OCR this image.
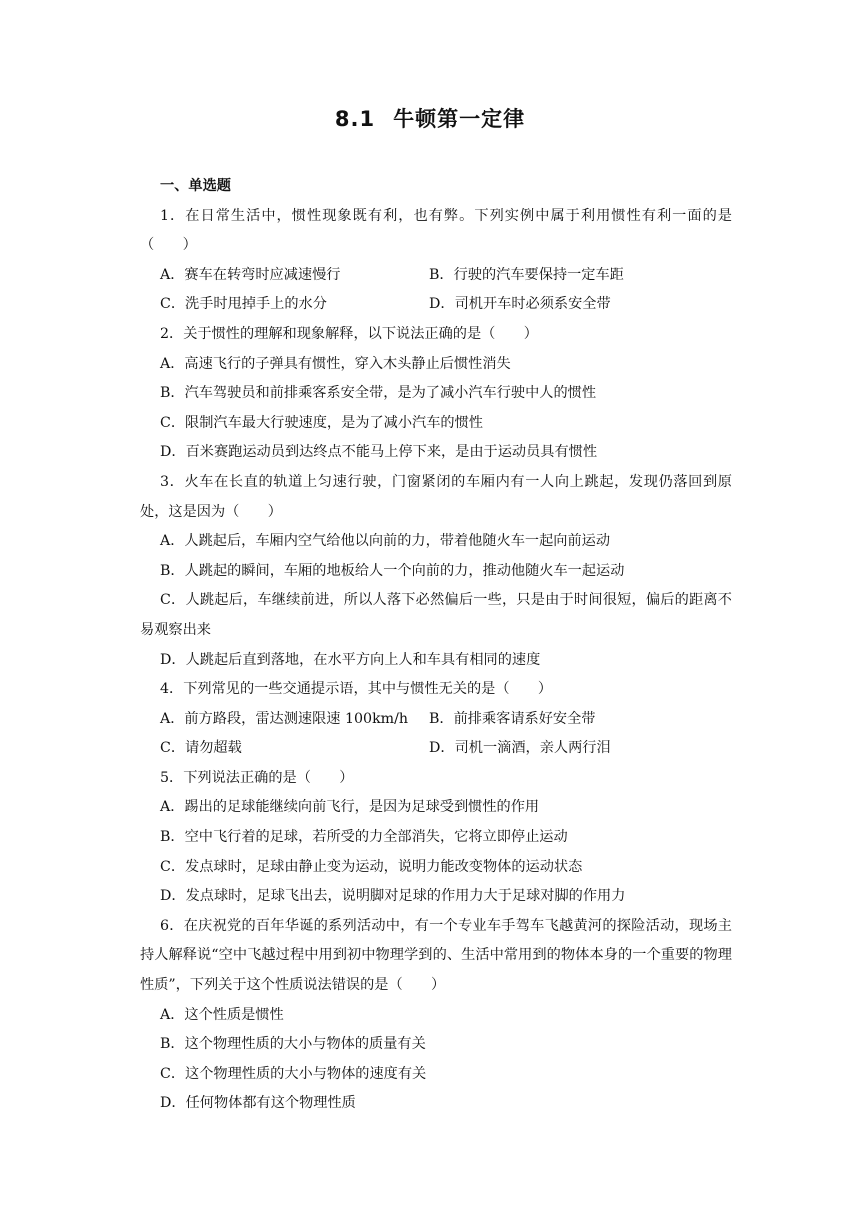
8.1 牛顿第一定律
一、单选题
1．在日常生活中，惯性现象既有利，也有弊。下列实例中属于利用惯性有利一面的是（　　）
A．赛车在转弯时应减速慢行	B．行驶的汽车要保持一定车距
C．洗手时甩掉手上的水分	D．司机开车时必须系安全带
2．关于惯性的理解和现象解释，以下说法正确的是（　　）
A．高速飞行的子弹具有惯性，穿入木头静止后惯性消失
B．汽车驾驶员和前排乘客系安全带，是为了减小汽车行驶中人的惯性
C．限制汽车最大行驶速度，是为了减小汽车的惯性
D．百米赛跑运动员到达终点不能马上停下来，是由于运动员具有惯性
3．火车在长直的轨道上匀速行驶，门窗紧闭的车厢内有一人向上跳起，发现仍落回到原处，这是因为（　　）
A．人跳起后，车厢内空气给他以向前的力，带着他随火车一起向前运动
B．人跳起的瞬间，车厢的地板给人一个向前的力，推动他随火车一起运动
C．人跳起后，车继续前进，所以人落下必然偏后一些，只是由于时间很短，偏后的距离不易观察出来
D．人跳起后直到落地，在水平方向上人和车具有相同的速度
4．下列常见的一些交通提示语，其中与惯性无关的是（　　）
A．前方路段，雷达测速限速 100km/h	B．前排乘客请系好安全带
C．请勿超载	D．司机一滴酒，亲人两行泪
5．下列说法正确的是（　　）
A．踢出的足球能继续向前飞行，是因为足球受到惯性的作用
B．空中飞行着的足球，若所受的力全部消失，它将立即停止运动
C．发点球时，足球由静止变为运动，说明力能改变物体的运动状态
D．发点球时，足球飞出去，说明脚对足球的作用力大于足球对脚的作用力
6．在庆祝党的百年华诞的系列活动中，有一个专业车手驾车飞越黄河的探险活动，现场主持人解释说“空中飞越过程中用到初中物理学到的、生活中常用到的物体本身的一个重要的物理性质”，下列关于这个性质说法错误的是（　　）
A．这个性质是惯性
B．这个物理性质的大小与物体的质量有关
C．这个物理性质的大小与物体的速度有关
D．任何物体都有这个物理性质
